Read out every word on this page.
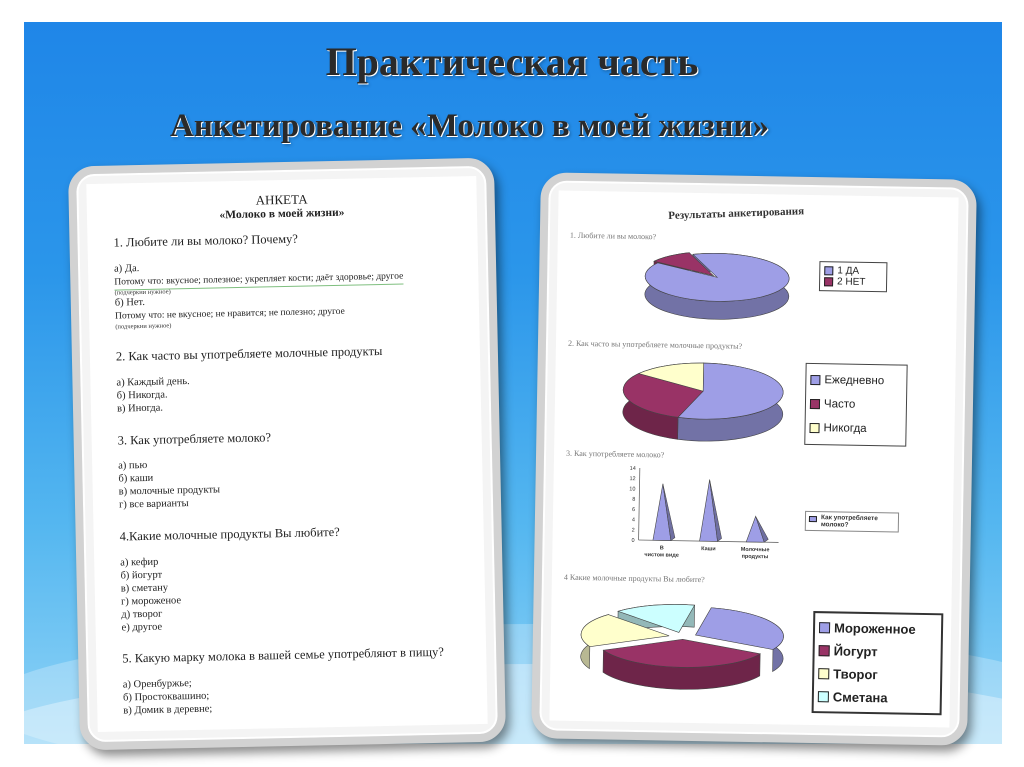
Практическая часть
Анкетирование «Молоко в моей жизни»
АНКЕТА
«Молоко в моей жизни»
1. Любите ли вы молоко? Почему?
а) Да.
Потому что: вкусное; полезное; укрепляет кости; даёт здоровье; другое
(подчеркни нужное)
б) Нет.
Потому что: не вкусное; не нравится; не полезно; другое
(подчеркни нужное)
2. Как часто вы употребляете молочные продукты
а) Каждый день.
б) Никогда.
в) Иногда.
3. Как употребляете молоко?
а) пью
б) каши
в) молочные продукты
г) все варианты
4.Какие молочные продукты Вы любите?
а) кефир
б) йогурт
в) сметану
г) мороженое
д) творог
е) другое
5. Какую марку молока в вашей семье употребляют в пищу?
а) Оренбуржье;
б) Простоквашино;
в) Домик в деревне;
Результаты анкетирования
1. Любите ли вы молоко?
1 ДА
2 НЕТ
2. Как часто вы употребляете молочные продукты?
Ежедневно
Часто
Никогда
3. Как употребляете молоко?
0
2
4
6
8
10
12
14
В
чистом виде
Каши	Молочные
продукты
Как употребляете молоко?
4 Какие молочные продукты Вы любите?
Мороженное
Йогурт
Творог
Сметана
